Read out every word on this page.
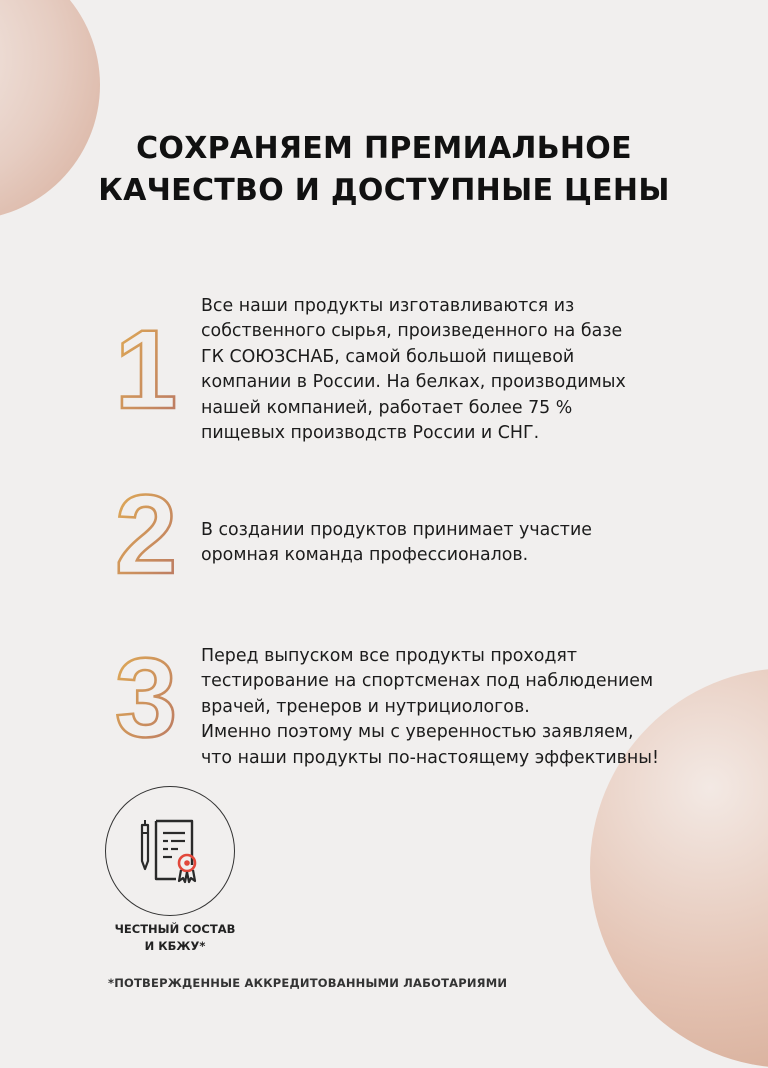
СОХРАНЯЕМ ПРЕМИАЛЬНОЕ
КАЧЕСТВО И ДОСТУПНЫЕ ЦЕНЫ
1

Все наши продукты изготавливаются из
собственного сырья, произведенного на базе
ГК СОЮЗСНАБ, самой большой пищевой
компании в России. На белках, производимых
нашей компанией, работает более 75 %
пищевых производств России и СНГ.

2 В создании продуктов принимает участие
оромная команда профессионалов.

3 Перед выпуском все продукты проходят
тестирование на спортсменах под наблюдением
врачей, тренеров и нутрициологов.
Именно поэтому мы с уверенностью заявляем,
что наши продукты по-настоящему эффективны!

ЧЕСТНЫЙ СОСТАВ
И КБЖУ*

*ПОТВЕРЖДЕННЫЕ АККРЕДИТОВАННЫМИ ЛАБОТАРИЯМИ
